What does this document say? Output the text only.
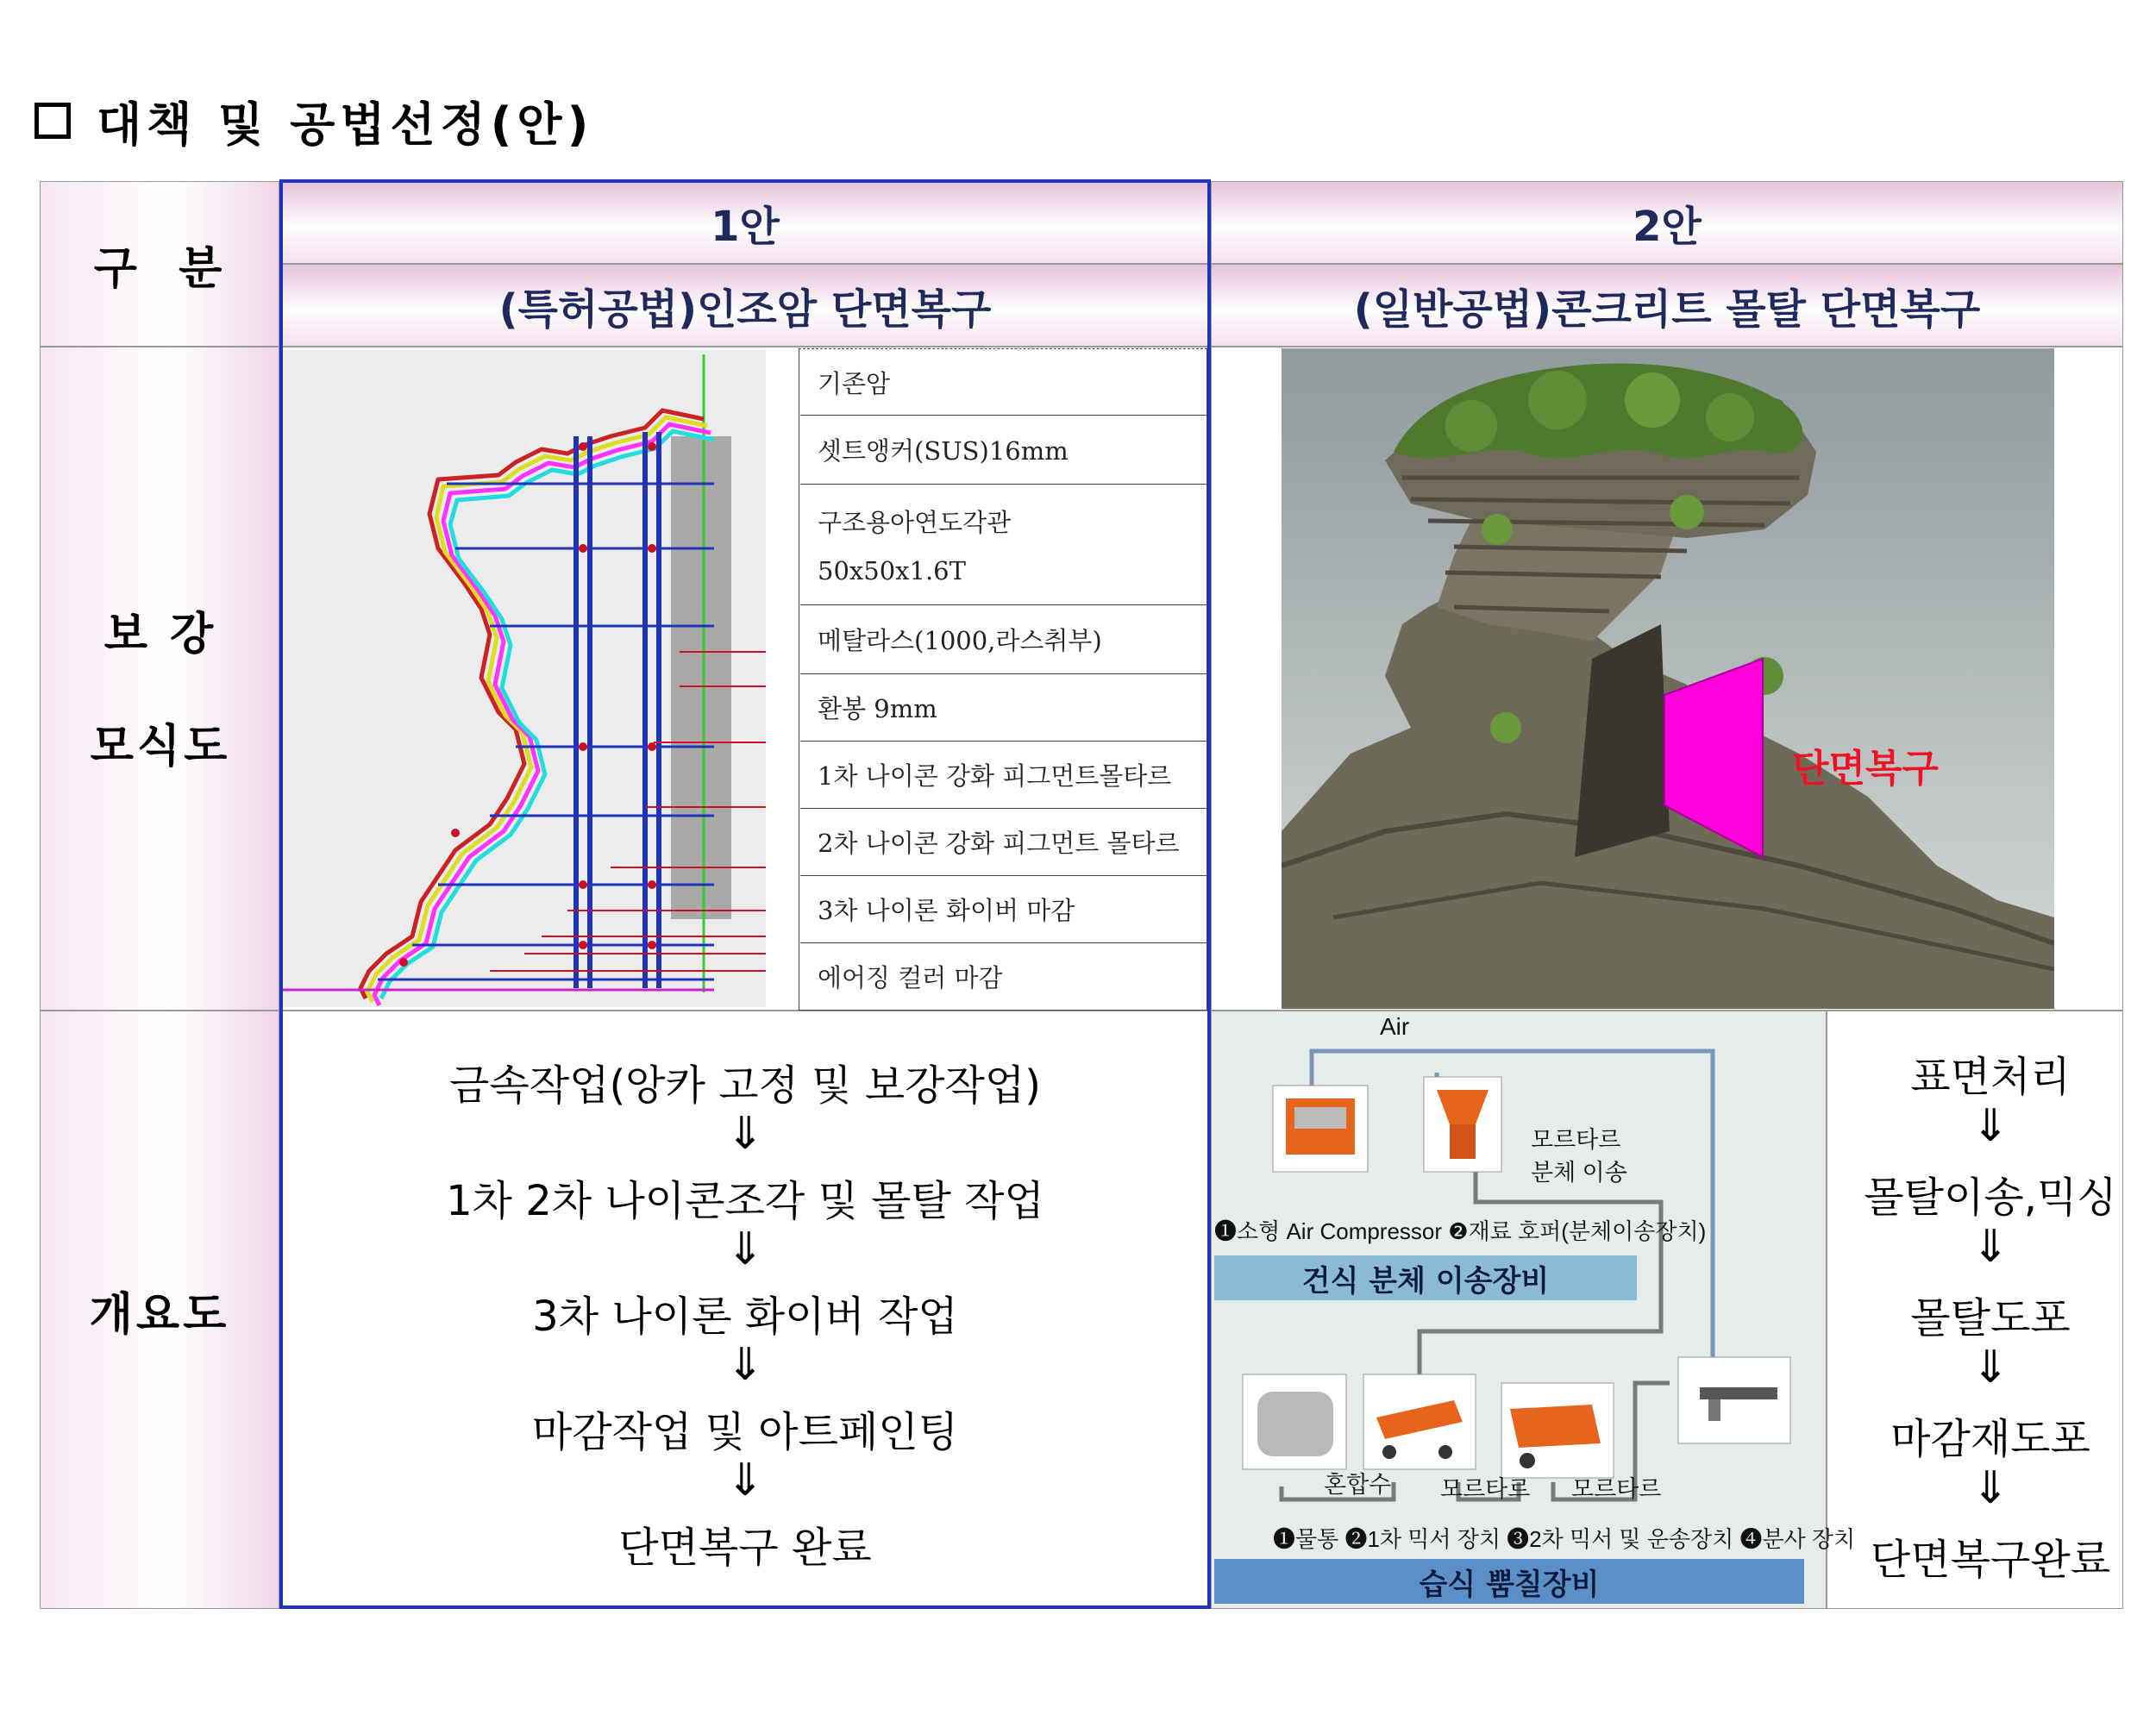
대책 및 공법선정(안)
구  분
1안
(특허공법)인조암 단면복구
2안
(일반공법)콘크리트 몰탈 단면복구
보 강
모식도
기존암
셋트앵커(SUS)16mm
구조용아연도각관
50x50x1.6T
메탈라스(1000,라스취부)
환봉 9mm
1차 나이콘 강화 피그먼트몰타르
2차 나이콘 강화 피그먼트 몰타르
3차 나이론 화이버 마감
에어징 컬러 마감
단면복구
개요도
금속작업(앙카 고정 및 보강작업)
⇓
1차 2차 나이콘조각 및 몰탈 작업
⇓
3차 나이론 화이버 작업
⇓
마감작업 및 아트페인팅
⇓
단면복구 완료
표면처리
⇓
몰탈이송,믹싱
⇓
몰탈도포
⇓
마감재도포
⇓
단면복구완료
Air
모르타르
분체 이송
❶소형 Air Compressor ❷재료 호퍼(분체이송장치)
건식 분체 이송장비
혼합수 모르타르 모르타르
❶물통 ❷1차 믹서 장치 ❸2차 믹서 및 운송장치 ❹분사 장치
습식 뿜칠장비
